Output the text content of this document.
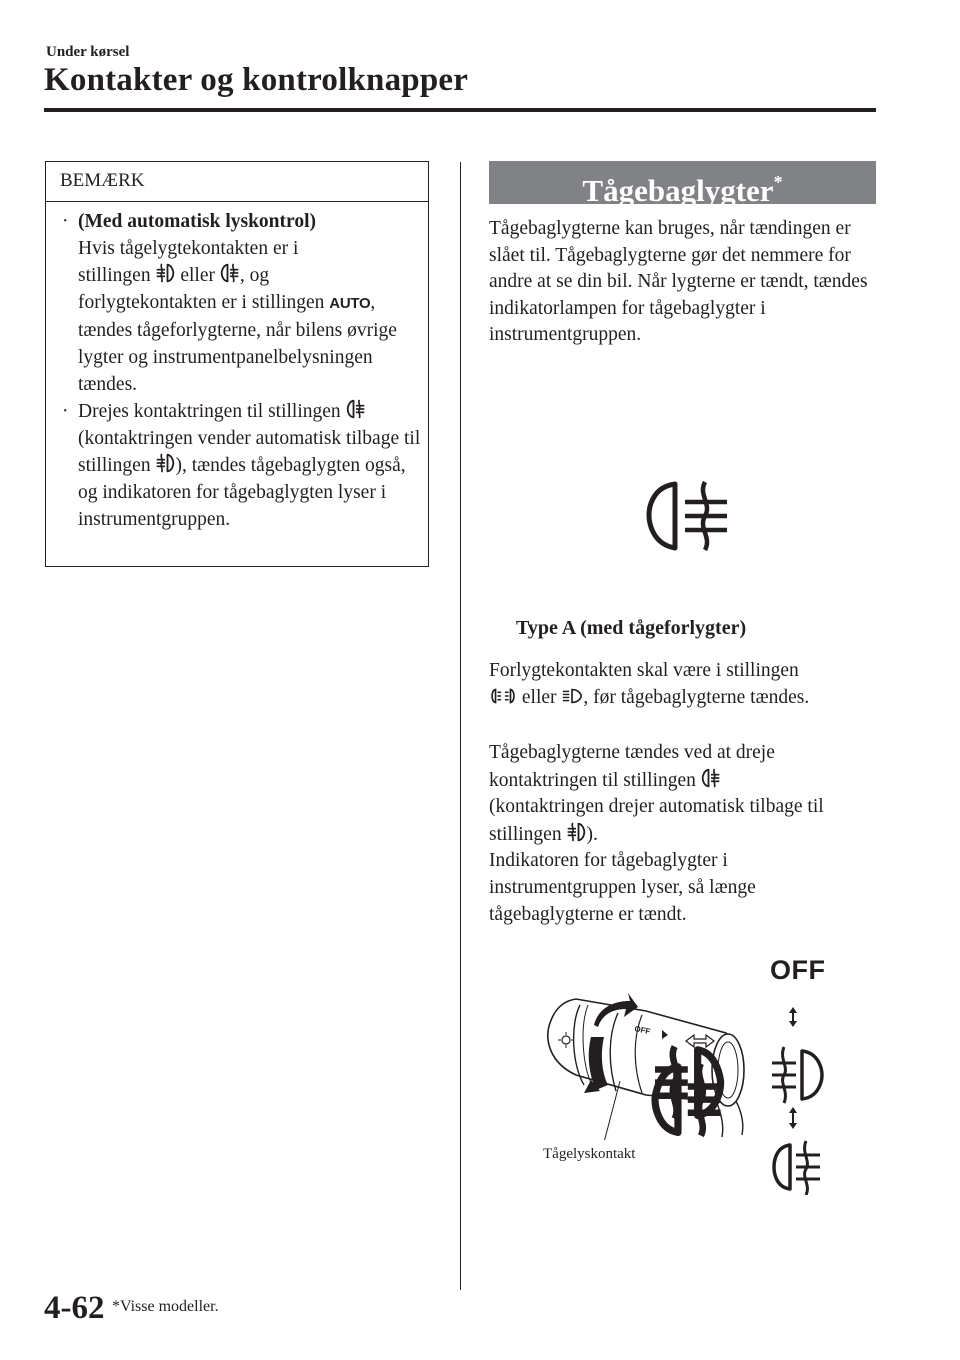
Under kørsel
Kontakter og kontrolknapper
BEMÆRK
· (Med automatisk lyskontrol)
Hvis tågelygtekontakten er i
stillingen eller , og
forlygtekontakten er i stillingen AUTO,
tændes tågeforlygterne, når bilens øvrige lygter og instrumentpanelbelysningen tændes.
· Drejes kontaktringen til stillingen
(kontaktringen vender automatisk tilbage til stillingen ), tændes tågebaglygten også, og indikatoren for tågebaglygten lyser i instrumentgruppen.
Tågebaglygter*
Tågebaglygterne kan bruges, når tændingen er slået til. Tågebaglygterne gør det nemmere for andre at se din bil. Når lygterne er tændt, tændes indikatorlampen for tågebaglygter i instrumentgruppen.
Type A (med tågeforlygter)
Forlygtekontakten skal være i stillingen
eller , før tågebaglygterne tændes.
Tågebaglygterne tændes ved at dreje kontaktringen til stillingen
(kontaktringen drejer automatisk tilbage til stillingen ).
Indikatoren for tågebaglygter i instrumentgruppen lyser, så længe tågebaglygterne er tændt.
OFF
Tågelyskontakt
OFF
4-62 *Visse modeller.
